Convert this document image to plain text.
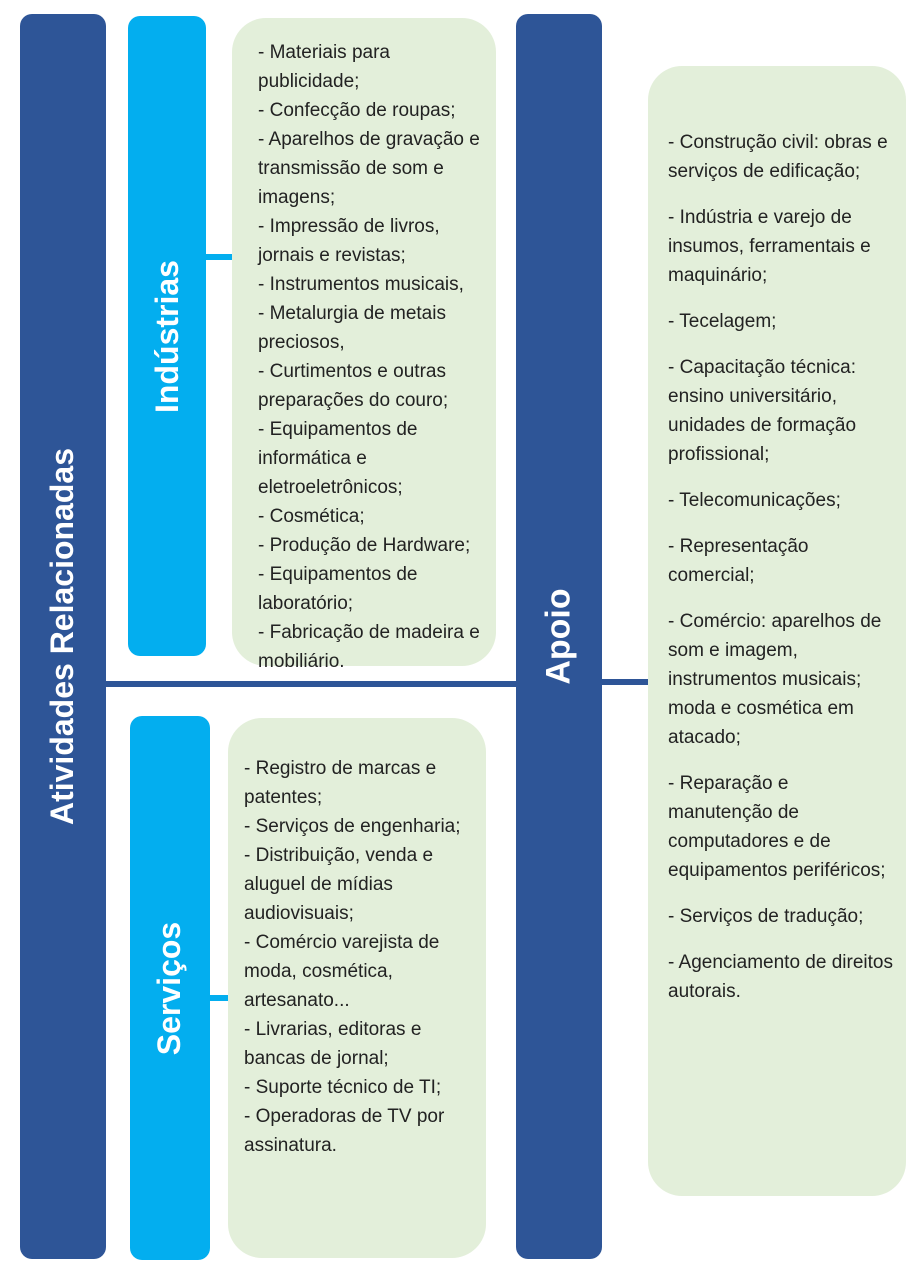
Atividades Relacionadas
Indústrias
- Materiais para publicidade;
- Confecção de roupas;
- Aparelhos de gravação e transmissão de som e imagens;
- Impressão de livros, jornais e revistas;
- Instrumentos musicais,
- Metalurgia de metais preciosos,
- Curtimentos e outras preparações do couro;
- Equipamentos de informática e eletroeletrônicos;
- Cosmética;
- Produção de Hardware;
- Equipamentos de laboratório;
- Fabricação de madeira e mobiliário.
Serviços
- Registro de marcas e patentes;
- Serviços de engenharia;
- Distribuição, venda e aluguel de mídias audiovisuais;
- Comércio varejista de moda, cosmética, artesanato...
- Livrarias, editoras e bancas de jornal;
- Suporte técnico de TI;
- Operadoras de TV por assinatura.
Apoio
- Construção civil: obras e serviços de edificação;
- Indústria e varejo de insumos, ferramentais e maquinário;
- Tecelagem;
- Capacitação técnica: ensino universitário, unidades de formação profissional;
- Telecomunicações;
- Representação comercial;
- Comércio: aparelhos de som e imagem, instrumentos musicais; moda e cosmética em atacado;
- Reparação e manutenção de computadores e de equipamentos periféricos;
- Serviços de tradução;
- Agenciamento de direitos autorais.
